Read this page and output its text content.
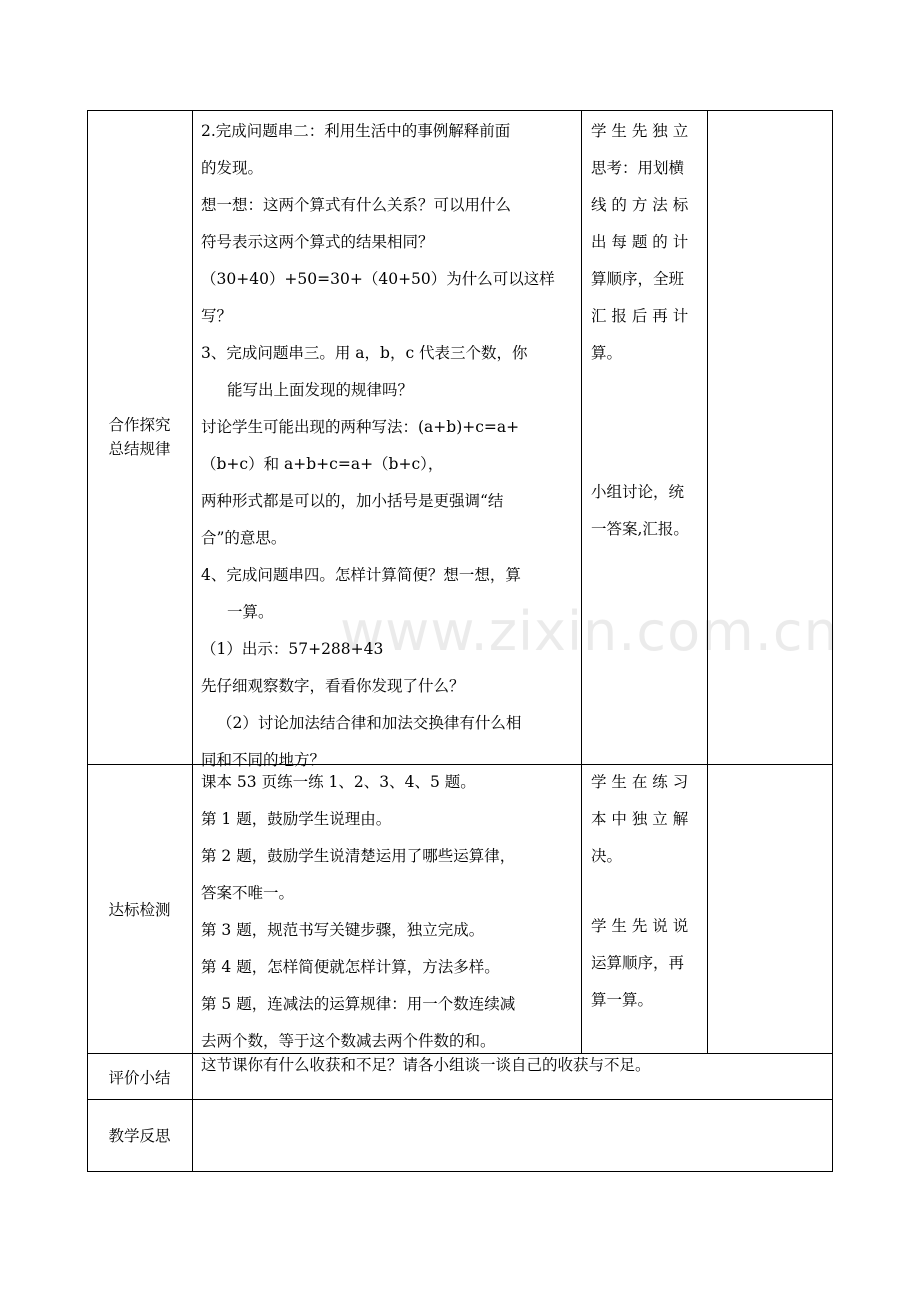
合作探究
总结规律

2.完成问题串二：利用生活中的事例解释前面

的发现。

想一想：这两个算式有什么关系？可以用什么

符号表示这两个算式的结果相同？

（30+40）+50=30+（40+50）为什么可以这样

写？

3、完成问题串三。用 a，b，c 代表三个数，你

能写出上面发现的规律吗？

讨论学生可能出现的两种写法：(a+b)+c=a+

（b+c）和 a+b+c=a+（b+c），

两种形式都是可以的，加小括号是更强调“结

合”的意思。

4、完成问题串四。怎样计算简便？想一想，算

一算。

（1）出示：57+288+43

先仔细观察数字，看看你发现了什么？

（2）讨论加法结合律和加法交换律有什么相

同和不同的地方？

学 生 先 独 立

思考：用划横

线 的 方 法 标

出 每 题 的 计

算顺序，全班

汇 报 后 再 计

算。

小组讨论，统

一答案,汇报。

达标检测

课本 53 页练一练 1、2、3、4、5 题。

第 1 题，鼓励学生说理由。

第 2 题，鼓励学生说清楚运用了哪些运算律，

答案不唯一。

第 3 题，规范书写关键步骤，独立完成。

第 4 题，怎样简便就怎样计算，方法多样。

第 5 题，连减法的运算规律：用一个数连续减

去两个数，等于这个数减去两个件数的和。

学 生 在 练 习

本 中 独 立 解

决。

学 生 先 说 说

运算顺序，再

算一算。

评价小结

这节课你有什么收获和不足？请各小组谈一谈自己的收获与不足。

教学反思

www.zixin.com.cn
